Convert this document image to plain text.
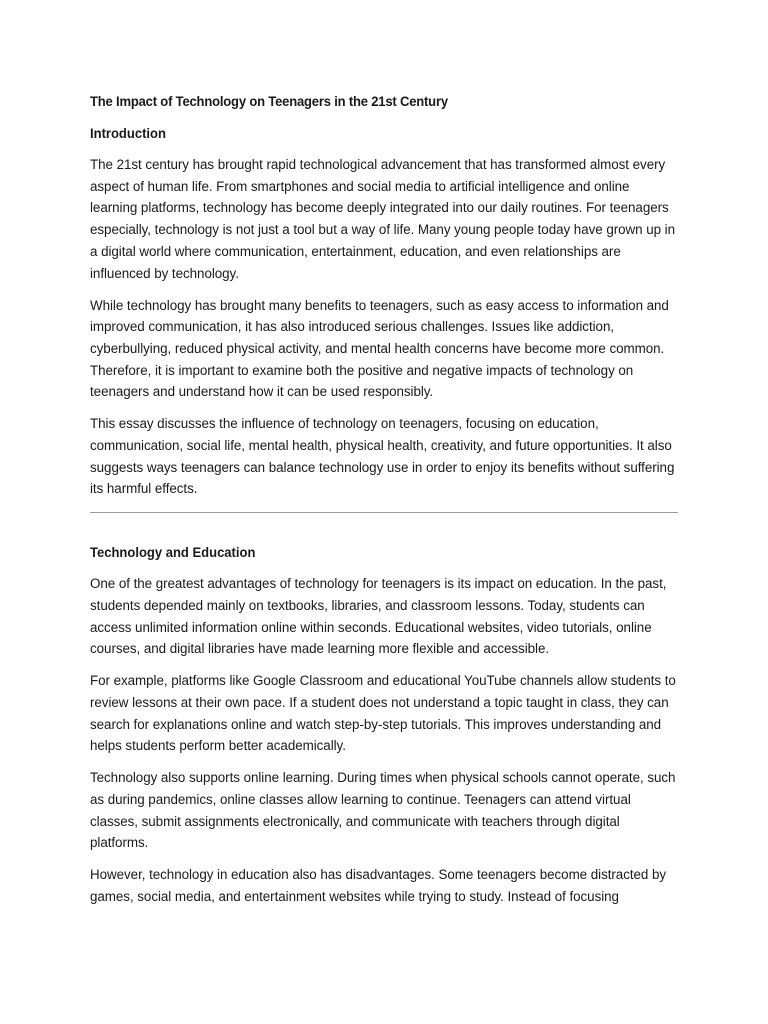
The Impact of Technology on Teenagers in the 21st Century
Introduction

The 21st century has brought rapid technological advancement that has transformed almost every aspect of human life. From smartphones and social media to artificial intelligence and online learning platforms, technology has become deeply integrated into our daily routines. For teenagers especially, technology is not just a tool but a way of life. Many young people today have grown up in a digital world where communication, entertainment, education, and even relationships are influenced by technology.

While technology has brought many benefits to teenagers, such as easy access to information and improved communication, it has also introduced serious challenges. Issues like addiction, cyberbullying, reduced physical activity, and mental health concerns have become more common. Therefore, it is important to examine both the positive and negative impacts of technology on teenagers and understand how it can be used responsibly.

This essay discusses the influence of technology on teenagers, focusing on education, communication, social life, mental health, physical health, creativity, and future opportunities. It also suggests ways teenagers can balance technology use in order to enjoy its benefits without suffering its harmful effects.

Technology and Education

One of the greatest advantages of technology for teenagers is its impact on education. In the past, students depended mainly on textbooks, libraries, and classroom lessons. Today, students can access unlimited information online within seconds. Educational websites, video tutorials, online courses, and digital libraries have made learning more flexible and accessible.

For example, platforms like Google Classroom and educational YouTube channels allow students to review lessons at their own pace. If a student does not understand a topic taught in class, they can search for explanations online and watch step-by-step tutorials. This improves understanding and helps students perform better academically.

Technology also supports online learning. During times when physical schools cannot operate, such as during pandemics, online classes allow learning to continue. Teenagers can attend virtual classes, submit assignments electronically, and communicate with teachers through digital platforms.

However, technology in education also has disadvantages. Some teenagers become distracted by games, social media, and entertainment websites while trying to study. Instead of focusing
